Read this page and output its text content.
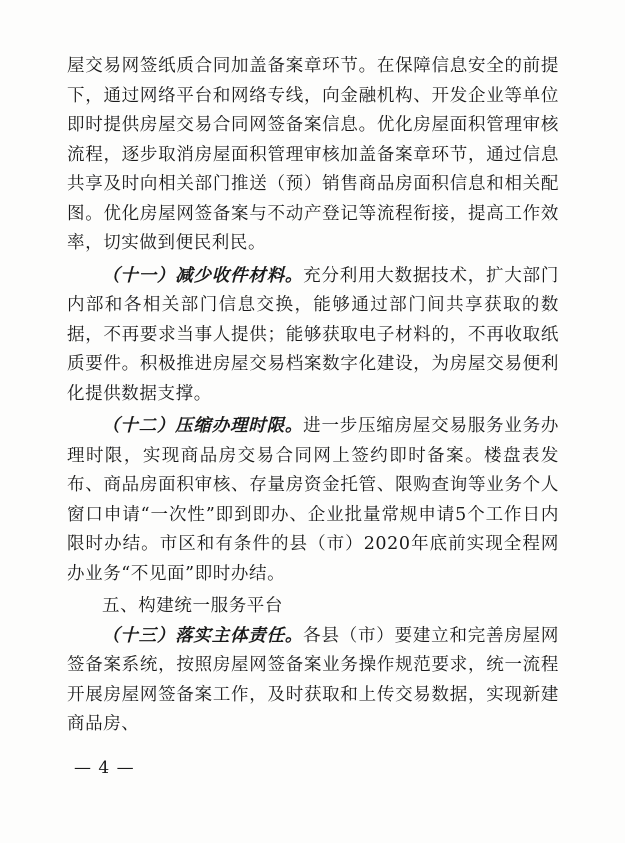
屋交易网签纸质合同加盖备案章环节。在保障信息安全的前提下，通过网络平台和网络专线，向金融机构、开发企业等单位即时提供房屋交易合同网签备案信息。优化房屋面积管理审核流程，逐步取消房屋面积管理审核加盖备案章环节，通过信息共享及时向相关部门推送（预）销售商品房面积信息和相关配图。优化房屋网签备案与不动产登记等流程衔接，提高工作效率，切实做到便民利民。

（十一）减少收件材料。充分利用大数据技术，扩大部门内部和各相关部门信息交换，能够通过部门间共享获取的数据，不再要求当事人提供；能够获取电子材料的，不再收取纸质要件。积极推进房屋交易档案数字化建设，为房屋交易便利化提供数据支撑。

（十二）压缩办理时限。进一步压缩房屋交易服务业务办理时限，实现商品房交易合同网上签约即时备案。楼盘表发布、商品房面积审核、存量房资金托管、限购查询等业务个人窗口申请“一次性”即到即办、企业批量常规申请5个工作日内限时办结。市区和有条件的县（市）2020年底前实现全程网办业务“不见面”即时办结。

五、构建统一服务平台

（十三）落实主体责任。各县（市）要建立和完善房屋网签备案系统，按照房屋网签备案业务操作规范要求，统一流程开展房屋网签备案工作，及时获取和上传交易数据，实现新建商品房、

— 4 —
